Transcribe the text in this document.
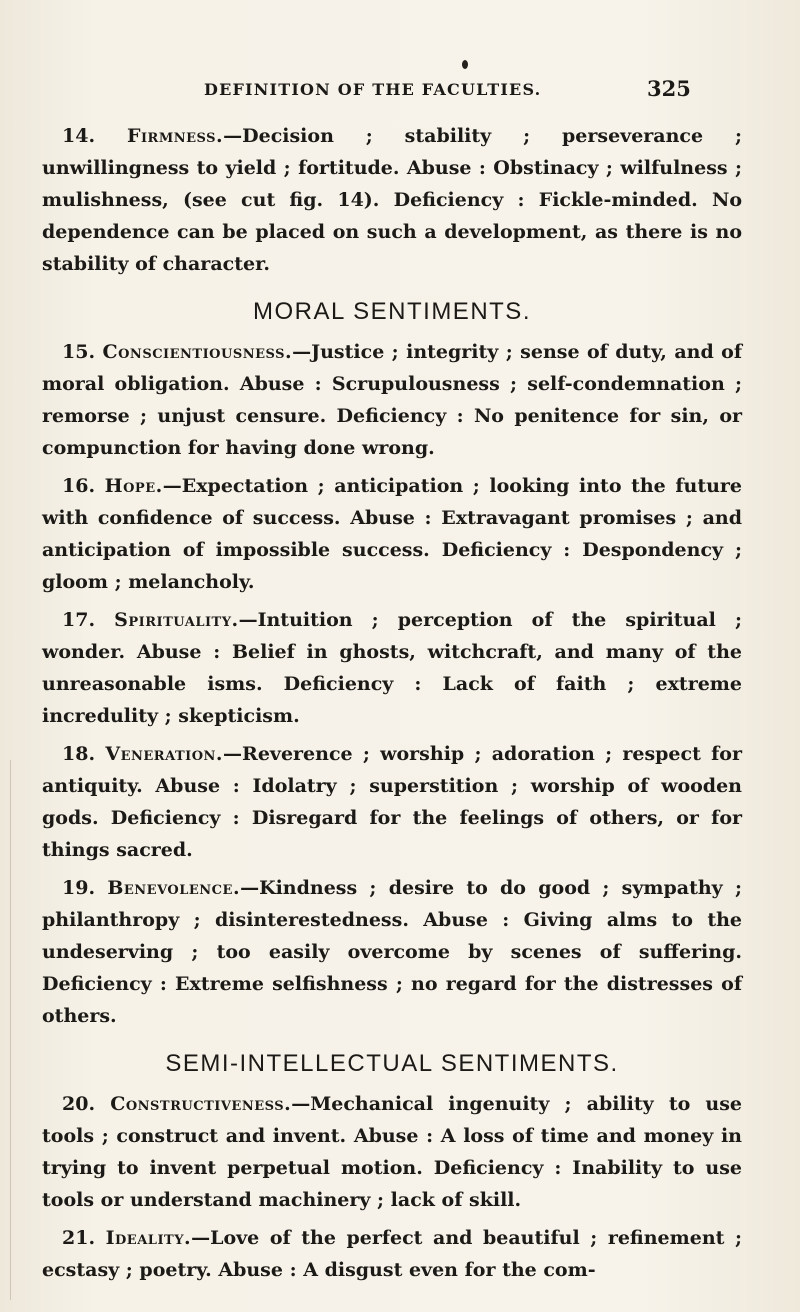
DEFINITION OF THE FACULTIES.	325

14. Firmness.—Decision ; stability ; perseverance ; unwillingness to yield ; fortitude. Abuse : Obstinacy ; wilfulness ; mulishness, (see cut fig. 14). Deficiency : Fickle-minded. No dependence can be placed on such a development, as there is no stability of character.

MORAL SENTIMENTS.

15. Conscientiousness.—Justice ; integrity ; sense of duty, and of moral obligation. Abuse : Scrupulousness ; self-condemnation ; remorse ; unjust censure. Deficiency : No penitence for sin, or compunction for having done wrong.

16. Hope.—Expectation ; anticipation ; looking into the future with confidence of success. Abuse : Extravagant promises ; and anticipation of impossible success. Deficiency : Despondency ; gloom ; melancholy.

17. Spirituality.—Intuition ; perception of the spiritual ; wonder. Abuse : Belief in ghosts, witchcraft, and many of the unreasonable isms. Deficiency : Lack of faith ; extreme incredulity ; skepticism.

18. Veneration.—Reverence ; worship ; adoration ; respect for antiquity. Abuse : Idolatry ; superstition ; worship of wooden gods. Deficiency : Disregard for the feelings of others, or for things sacred.

19. Benevolence.—Kindness ; desire to do good ; sympathy ; philanthropy ; disinterestedness. Abuse : Giving alms to the undeserving ; too easily overcome by scenes of suffering. Deficiency : Extreme selfishness ; no regard for the distresses of others.

SEMI-INTELLECTUAL SENTIMENTS.

20. Constructiveness.—Mechanical ingenuity ; ability to use tools ; construct and invent. Abuse : A loss of time and money in trying to invent perpetual motion. Deficiency : Inability to use tools or understand machinery ; lack of skill.

21. Ideality.—Love of the perfect and beautiful ; refinement ; ecstasy ; poetry. Abuse : A disgust even for the com-
